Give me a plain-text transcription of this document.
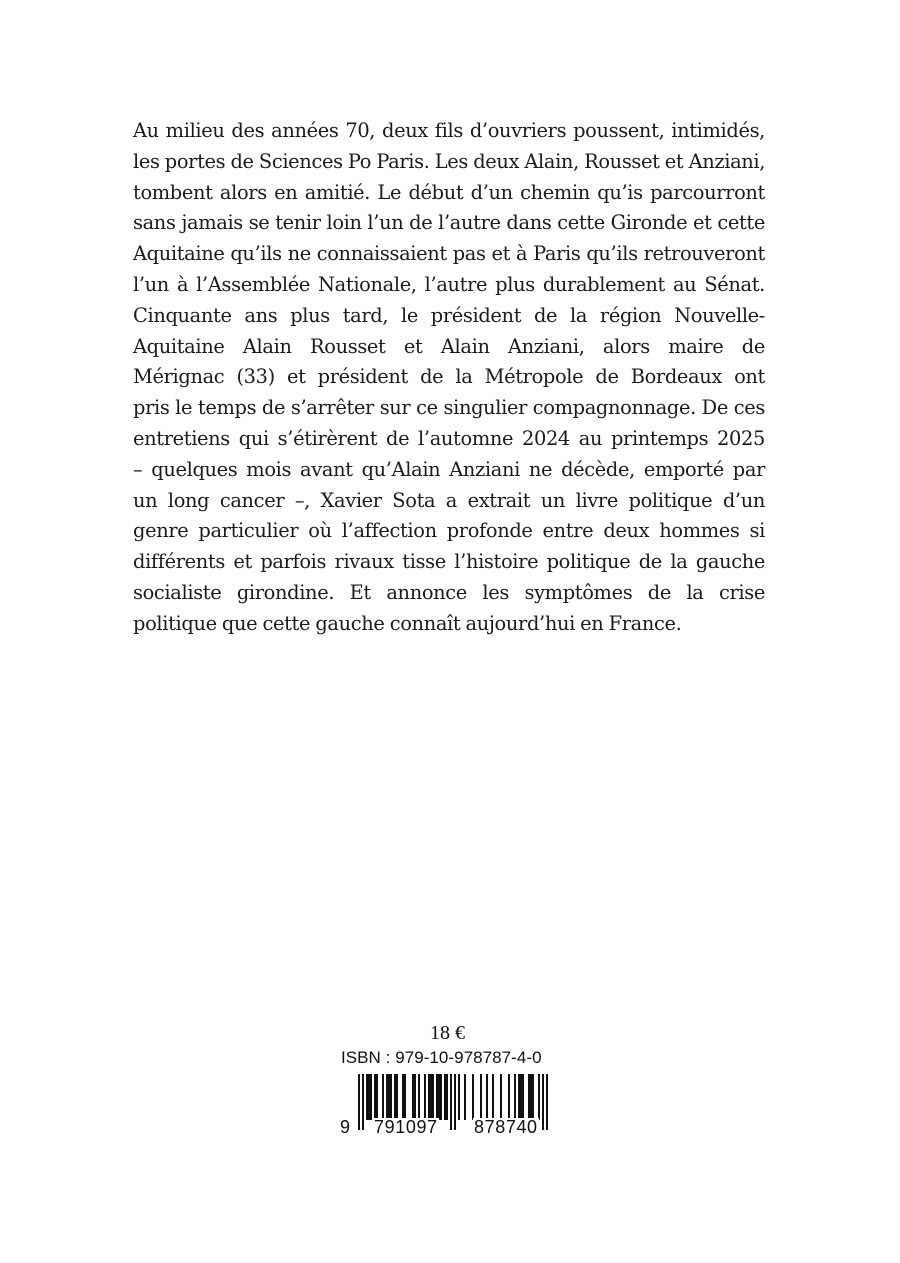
Au milieu des années 70, deux fils d’ouvriers poussent, intimidés,
les portes de Sciences Po Paris. Les deux Alain, Rousset et Anziani,
tombent alors en amitié. Le début d’un chemin qu’is parcourront
sans jamais se tenir loin l’un de l’autre dans cette Gironde et cette
Aquitaine qu’ils ne connaissaient pas et à Paris qu’ils retrouveront
l’un à l’Assemblée Nationale, l’autre plus durablement au Sénat.
Cinquante ans plus tard, le président de la région Nouvelle-
Aquitaine Alain Rousset et Alain Anziani, alors maire de
Mérignac (33) et président de la Métropole de Bordeaux ont
pris le temps de s’arrêter sur ce singulier compagnonnage. De ces
entretiens qui s’étirèrent de l’automne 2024 au printemps 2025
– quelques mois avant qu’Alain Anziani ne décède, emporté par
un long cancer –, Xavier Sota a extrait un livre politique d’un
genre particulier où l’affection profonde entre deux hommes si
différents et parfois rivaux tisse l’histoire politique de la gauche
socialiste girondine. Et annonce les symptômes de la crise
politique que cette gauche connaît aujourd’hui en France.
18 €
ISBN : 979-10-978787-4-0
9 791097 878740
